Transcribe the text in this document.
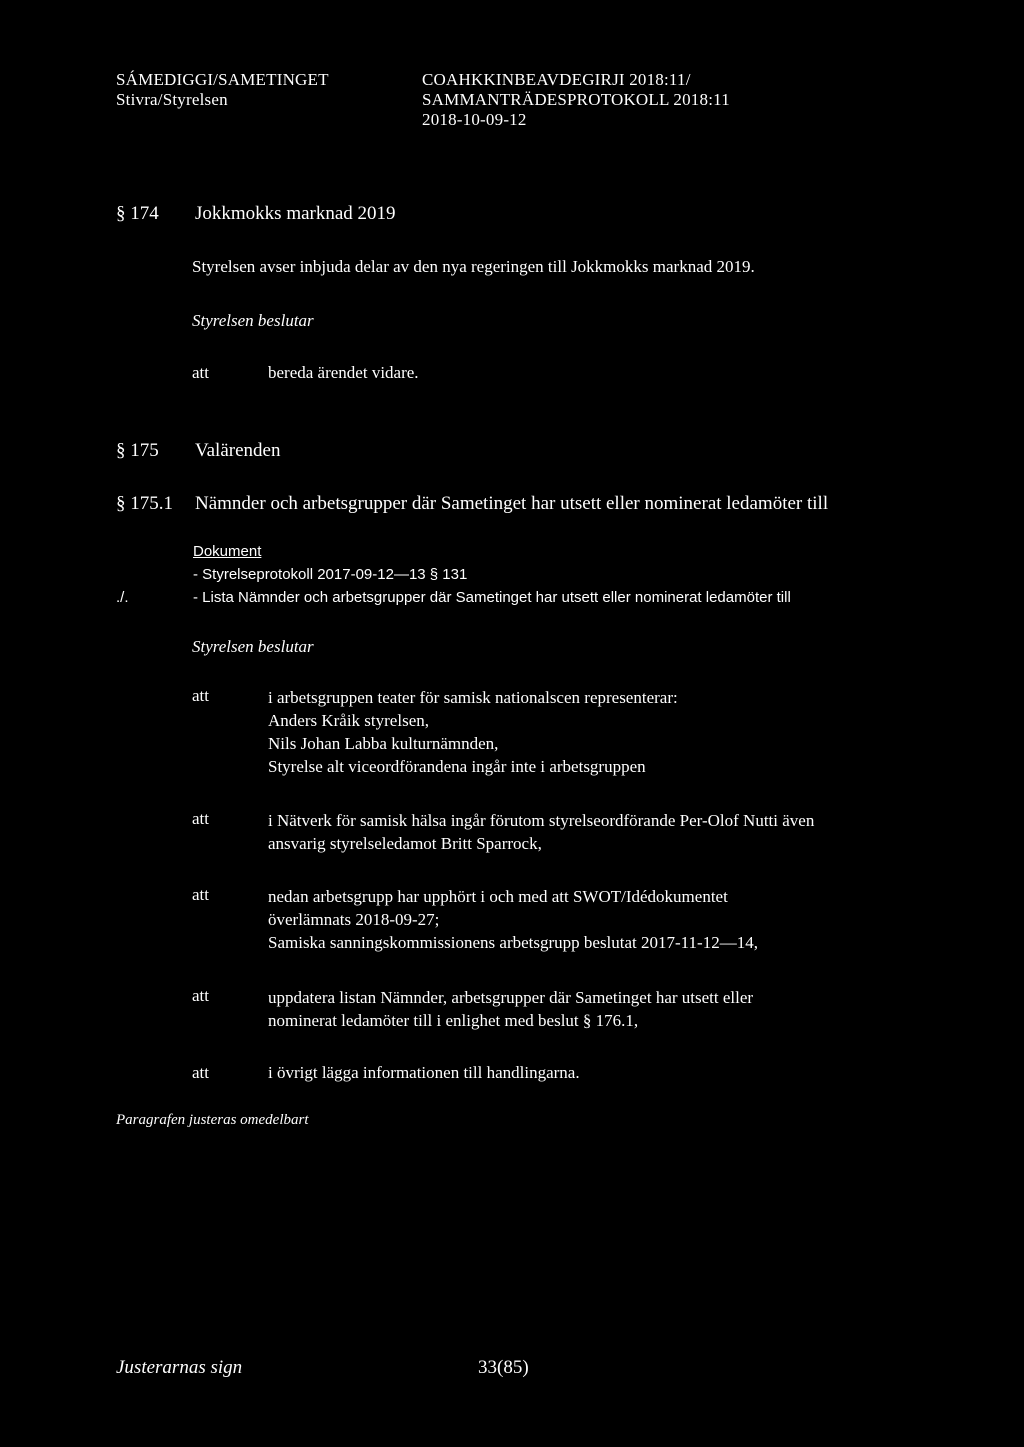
SÁMEDIGGI/SAMETINGET
Stivra/Styrelsen
COAHKKINBEAVDEGIRJI 2018:11/
SAMMANTRÄDESPROTOKOLL 2018:11
2018-10-09-12
§ 174 Jokkmokks marknad 2019
Styrelsen avser inbjuda delar av den nya regeringen till Jokkmokks marknad 2019.
Styrelsen beslutar
att	bereda ärendet vidare.
§ 175 Valärenden
§ 175.1 Nämnder och arbetsgrupper där Sametinget har utsett eller nominerat ledamöter till
Dokument
- Styrelseprotokoll 2017-09-12—13 § 131
./.	- Lista Nämnder och arbetsgrupper där Sametinget har utsett eller nominerat ledamöter till
Styrelsen beslutar
att	i arbetsgruppen teater för samisk nationalscen representerar:
Anders Kråik styrelsen,
Nils Johan Labba kulturnämnden,
Styrelse alt viceordförandena ingår inte i arbetsgruppen
att	i Nätverk för samisk hälsa ingår förutom styrelseordförande Per-Olof Nutti även
ansvarig styrelseledamot Britt Sparrock,
att	nedan arbetsgrupp har upphört i och med att SWOT/Idédokumentet
överlämnats 2018-09-27;
Samiska sanningskommissionens arbetsgrupp beslutat 2017-11-12—14,
att	uppdatera listan Nämnder, arbetsgrupper där Sametinget har utsett eller
nominerat ledamöter till i enlighet med beslut § 176.1,
att	i övrigt lägga informationen till handlingarna.
Paragrafen justeras omedelbart
Justerarnas sign	33(85)
